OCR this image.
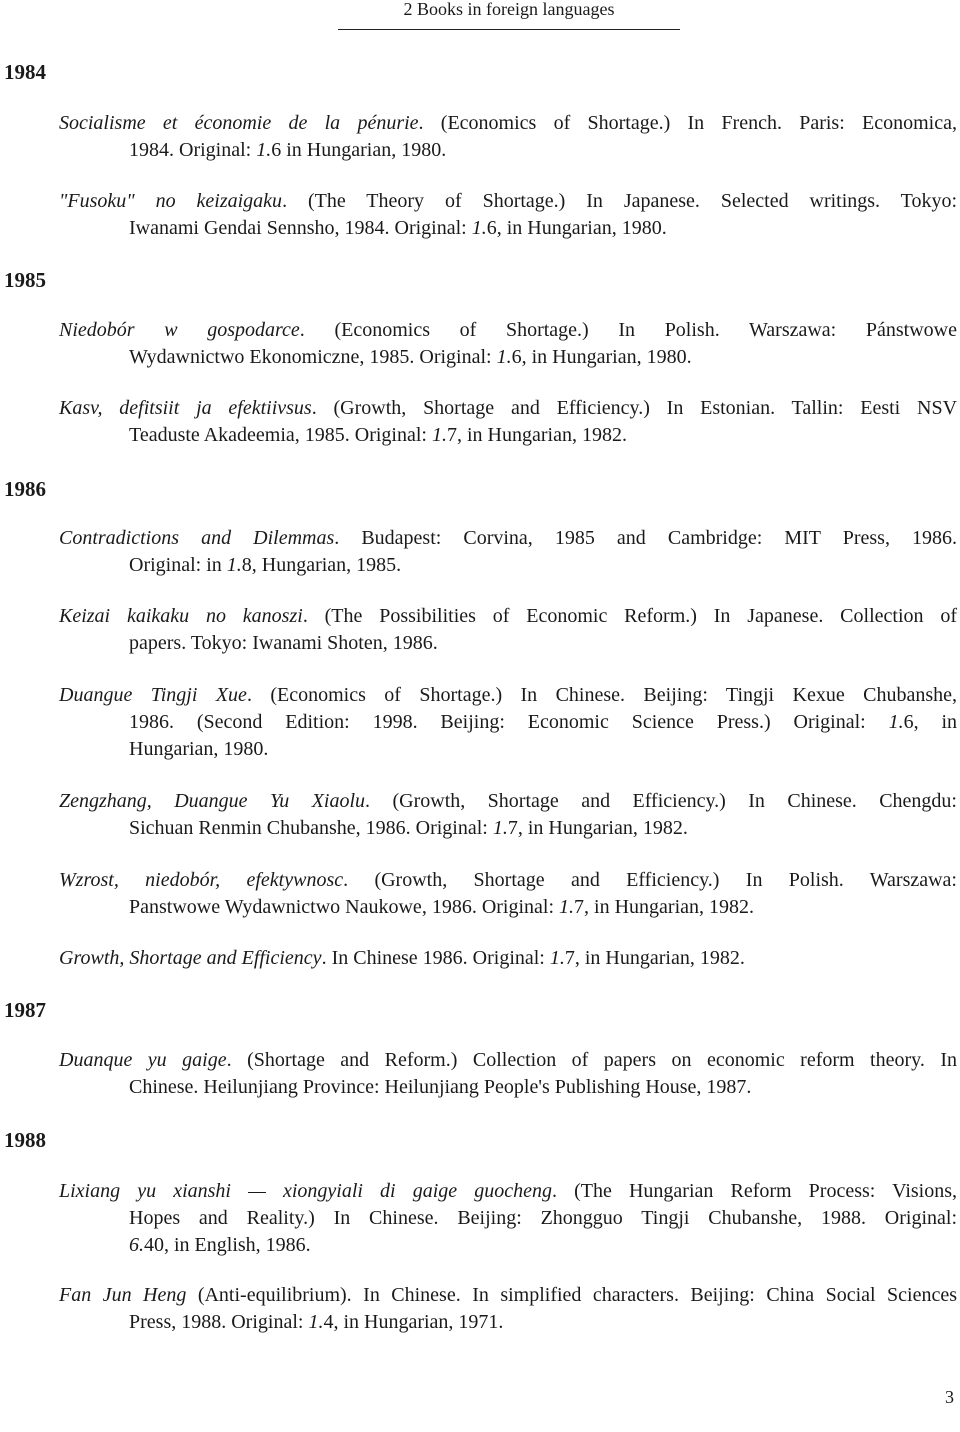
2 Books in foreign languages
1984
1985
1986
1987
1988
Socialisme et économie de la pénurie. (Economics of Shortage.) In French. Paris: Economica,
1984. Original: 1.6 in Hungarian, 1980.
"Fusoku" no keizaigaku. (The Theory of Shortage.) In Japanese. Selected writings. Tokyo:
Iwanami Gendai Sennsho, 1984. Original: 1.6, in Hungarian, 1980.
Niedobór w gospodarce. (Economics of Shortage.) In Polish. Warszawa: Pánstwowe
Wydawnictwo Ekonomiczne, 1985. Original: 1.6, in Hungarian, 1980.
Kasv, defitsiit ja efektiivsus. (Growth, Shortage and Efficiency.) In Estonian. Tallin: Eesti NSV
Teaduste Akadeemia, 1985. Original: 1.7, in Hungarian, 1982.
Contradictions and Dilemmas. Budapest: Corvina, 1985 and Cambridge: MIT Press, 1986.
Original: in 1.8, Hungarian, 1985.
Keizai kaikaku no kanoszi. (The Possibilities of Economic Reform.) In Japanese. Collection of
papers. Tokyo: Iwanami Shoten, 1986.
Duangue Tingji Xue. (Economics of Shortage.) In Chinese. Beijing: Tingji Kexue Chubanshe,
1986. (Second Edition: 1998. Beijing: Economic Science Press.) Original: 1.6, in
Hungarian, 1980.
Zengzhang, Duangue Yu Xiaolu. (Growth, Shortage and Efficiency.) In Chinese. Chengdu:
Sichuan Renmin Chubanshe, 1986. Original: 1.7, in Hungarian, 1982.
Wzrost, niedobór, efektywnosc. (Growth, Shortage and Efficiency.) In Polish. Warszawa:
Panstwowe Wydawnictwo Naukowe, 1986. Original: 1.7, in Hungarian, 1982.
Growth, Shortage and Efficiency. In Chinese 1986. Original: 1.7, in Hungarian, 1982.
Duanque yu gaige. (Shortage and Reform.) Collection of papers on economic reform theory. In
Chinese. Heilunjiang Province: Heilunjiang People's Publishing House, 1987.
Lixiang yu xianshi — xiongyiali di gaige guocheng. (The Hungarian Reform Process: Visions,
Hopes and Reality.) In Chinese. Beijing: Zhongguo Tingji Chubanshe, 1988. Original:
6.40, in English, 1986.
Fan Jun Heng (Anti-equilibrium). In Chinese. In simplified characters. Beijing: China Social Sciences
Press, 1988. Original: 1.4, in Hungarian, 1971.
3
